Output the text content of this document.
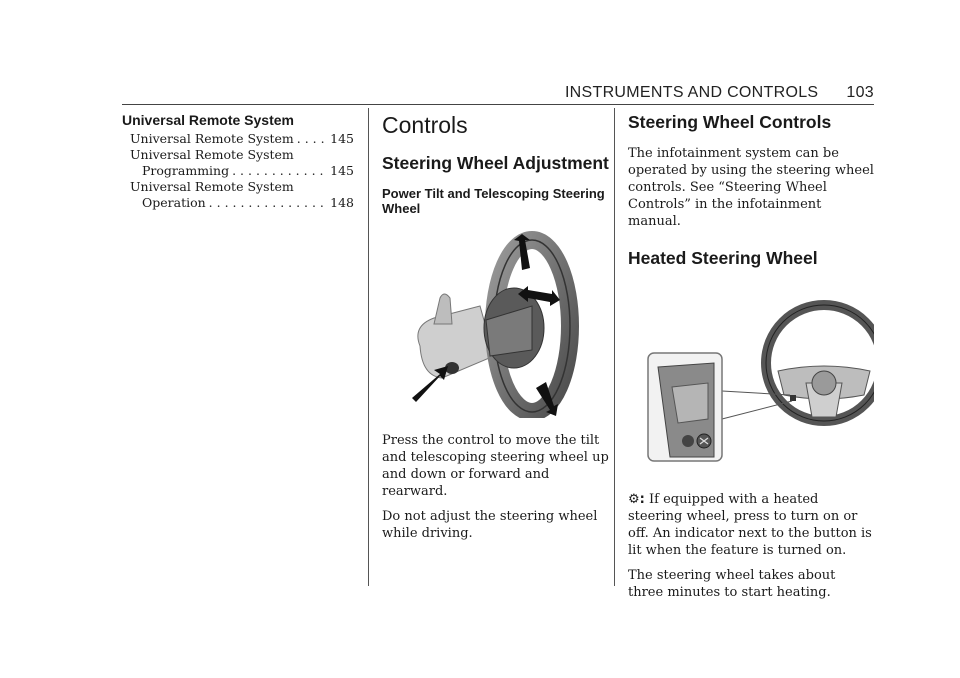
INSTRUMENTS AND CONTROLS 103
Universal Remote System
Universal Remote System . . .	145
Universal Remote System
Programming . . .	145
Universal Remote System
Operation . . .	148
Controls
Steering Wheel Adjustment
Power Tilt and Telescoping Steering Wheel

Press the control to move the tilt and telescoping steering wheel up and down or forward and rearward.

Do not adjust the steering wheel while driving.

Steering Wheel Controls

The infotainment system can be operated by using the steering wheel controls. See “Steering Wheel Controls” in the infotainment manual.

Heated Steering Wheel

⚙: If equipped with a heated steering wheel, press to turn on or off. An indicator next to the button is lit when the feature is turned on.

The steering wheel takes about three minutes to start heating.
